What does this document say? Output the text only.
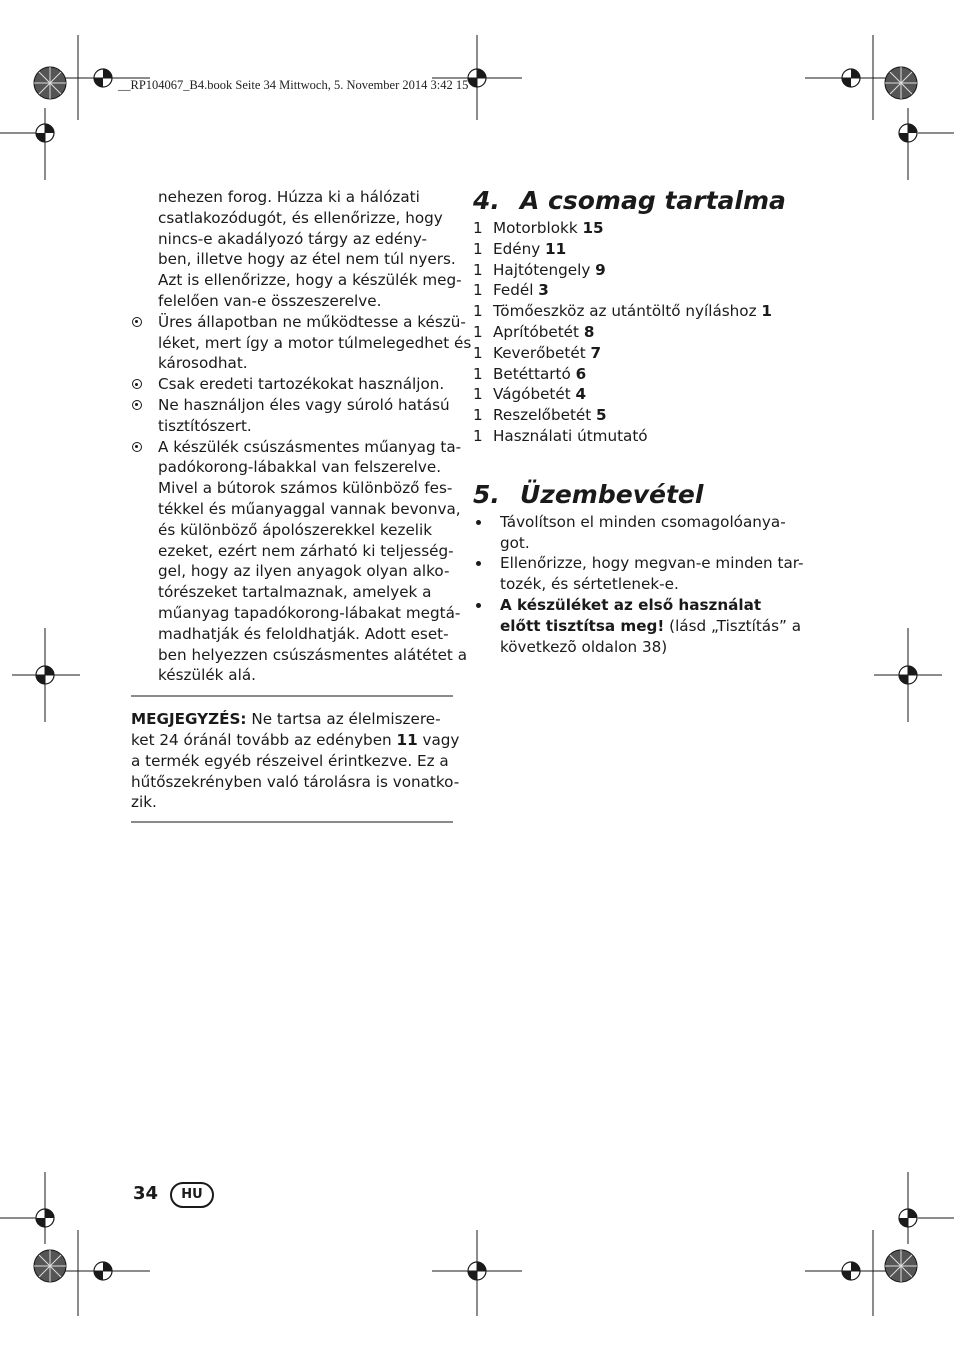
__RP104067_B4.book Seite 34 Mittwoch, 5. November 2014 3:42 15

nehezen forog. Húzza ki a hálózati
csatlakozódugót, és ellenőrizze, hogy
nincs-e akadályozó tárgy az edény-
ben, illetve hogy az étel nem túl nyers.
Azt is ellenőrizze, hogy a készülék meg-
felelően van-e összeszerelve.

Üres állapotban ne működtesse a készü-
léket, mert így a motor túlmelegedhet és
károsodhat.
Csak eredeti tartozékokat használjon.
Ne használjon éles vagy súroló hatású
tisztítószert.
A készülék csúszásmentes műanyag ta-
padókorong-lábakkal van felszerelve.
Mivel a bútorok számos különböző fes-
tékkel és műanyaggal vannak bevonva,
és különböző ápolószerekkel kezelik
ezeket, ezért nem zárható ki teljesség-
gel, hogy az ilyen anyagok olyan alko-
tórészeket tartalmaznak, amelyek a
műanyag tapadókorong-lábakat megtá-
madhatják és feloldhatják. Adott eset-
ben helyezzen csúszásmentes alátétet a
készülék alá.
MEGJEGYZÉS: Ne tartsa az élelmiszere-
ket 24 óránál tovább az edényben 11 vagy
a termék egyéb részeivel érintkezve. Ez a
hűtőszekrényben való tárolásra is vonatko-
zik.
4. A csomag tartalma
1 Motorblokk 15
1 Edény 11
1 Hajtótengely 9
1 Fedél 3
1 Tömőeszköz az utántöltő nyíláshoz 1
1 Aprítóbetét 8
1 Keverőbetét 7
1 Betéttartó 6
1 Vágóbetét 4
1 Reszelőbetét 5
1 Használati útmutató
5. Üzembevétel
Távolítson el minden csomagolóanya-
got.
Ellenőrizze, hogy megvan-e minden tar-
tozék, és sértetlenek-e.
A készüléket az első használat
előtt tisztítsa meg! (lásd „Tisztítás” a
következõ oldalon 38)
34	HU
